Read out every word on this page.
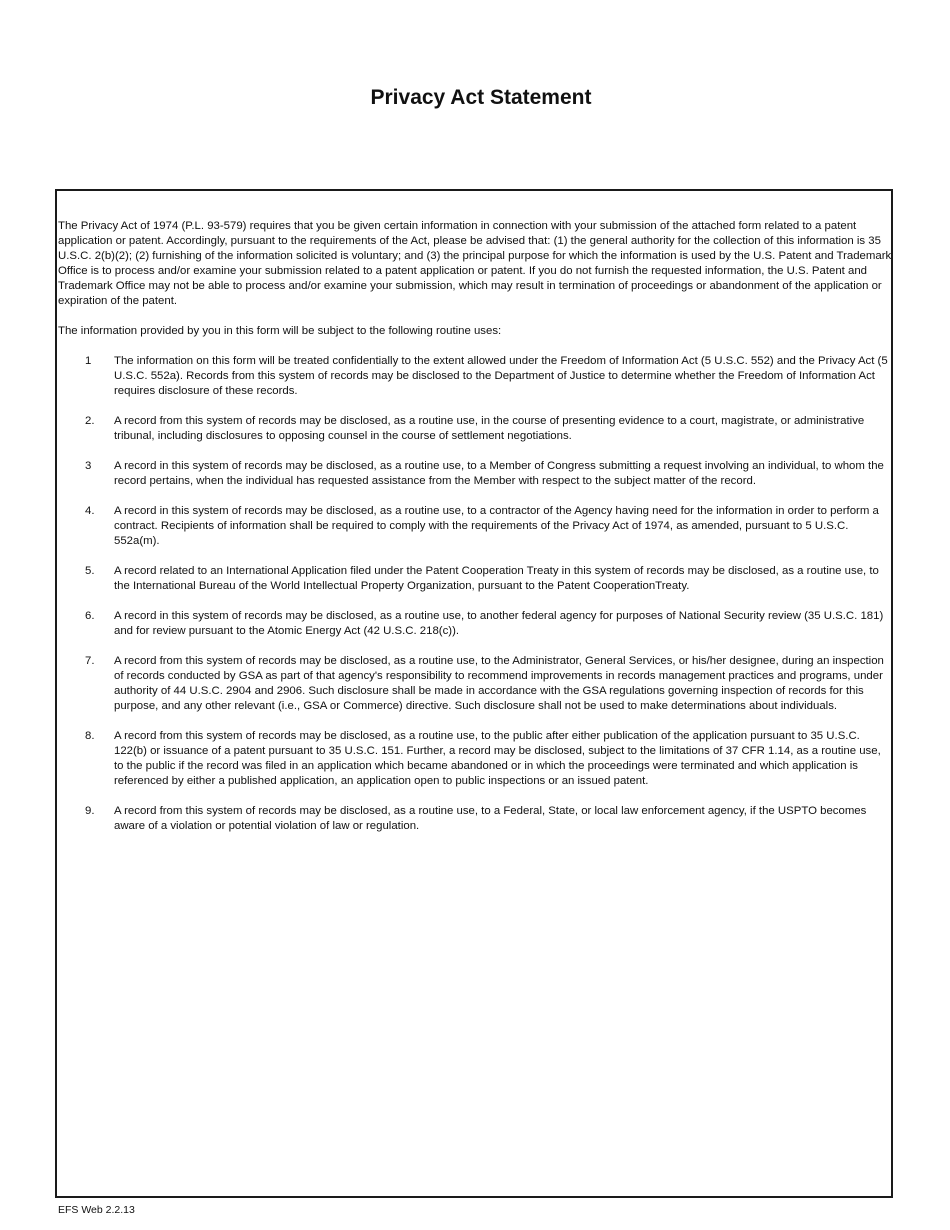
Privacy Act Statement

The Privacy Act of 1974 (P.L. 93-579) requires that you be given certain information in connection with your submission of the attached form related to a patent application or patent. Accordingly, pursuant to the requirements of the Act, please be advised that: (1) the general authority for the collection of this information is 35 U.S.C. 2(b)(2); (2) furnishing of the information solicited is voluntary; and (3) the principal purpose for which the information is used by the U.S. Patent and Trademark Office is to process and/or examine your submission related to a patent application or patent. If you do not furnish the requested information, the U.S. Patent and Trademark Office may not be able to process and/or examine your submission, which may result in termination of proceedings or abandonment of the application or expiration of the patent.

The information provided by you in this form will be subject to the following routine uses:

1 The information on this form will be treated confidentially to the extent allowed under the Freedom of Information Act (5 U.S.C. 552) and the Privacy Act (5 U.S.C. 552a). Records from this system of records may be disclosed to the Department of Justice to determine whether the Freedom of Information Act requires disclosure of these records.
2. A record from this system of records may be disclosed, as a routine use, in the course of presenting evidence to a court, magistrate, or administrative tribunal, including disclosures to opposing counsel in the course of settlement negotiations.
3 A record in this system of records may be disclosed, as a routine use, to a Member of Congress submitting a request involving an individual, to whom the record pertains, when the individual has requested assistance from the Member with respect to the subject matter of the record.
4. A record in this system of records may be disclosed, as a routine use, to a contractor of the Agency having need for the information in order to perform a contract. Recipients of information shall be required to comply with the requirements of the Privacy Act of 1974, as amended, pursuant to 5 U.S.C. 552a(m).
5. A record related to an International Application filed under the Patent Cooperation Treaty in this system of records may be disclosed, as a routine use, to the International Bureau of the World Intellectual Property Organization, pursuant to the Patent CooperationTreaty.
6. A record in this system of records may be disclosed, as a routine use, to another federal agency for purposes of National Security review (35 U.S.C. 181) and for review pursuant to the Atomic Energy Act (42 U.S.C. 218(c)).
7. A record from this system of records may be disclosed, as a routine use, to the Administrator, General Services, or his/her designee, during an inspection of records conducted by GSA as part of that agency's responsibility to recommend improvements in records management practices and programs, under authority of 44 U.S.C. 2904 and 2906. Such disclosure shall be made in accordance with the GSA regulations governing inspection of records for this purpose, and any other relevant (i.e., GSA or Commerce) directive. Such disclosure shall not be used to make determinations about individuals.
8. A record from this system of records may be disclosed, as a routine use, to the public after either publication of the application pursuant to 35 U.S.C. 122(b) or issuance of a patent pursuant to 35 U.S.C. 151. Further, a record may be disclosed, subject to the limitations of 37 CFR 1.14, as a routine use, to the public if the record was filed in an application which became abandoned or in which the proceedings were terminated and which application is referenced by either a published application, an application open to public inspections or an issued patent.
9. A record from this system of records may be disclosed, as a routine use, to a Federal, State, or local law enforcement agency, if the USPTO becomes aware of a violation or potential violation of law or regulation.
EFS Web 2.2.13
